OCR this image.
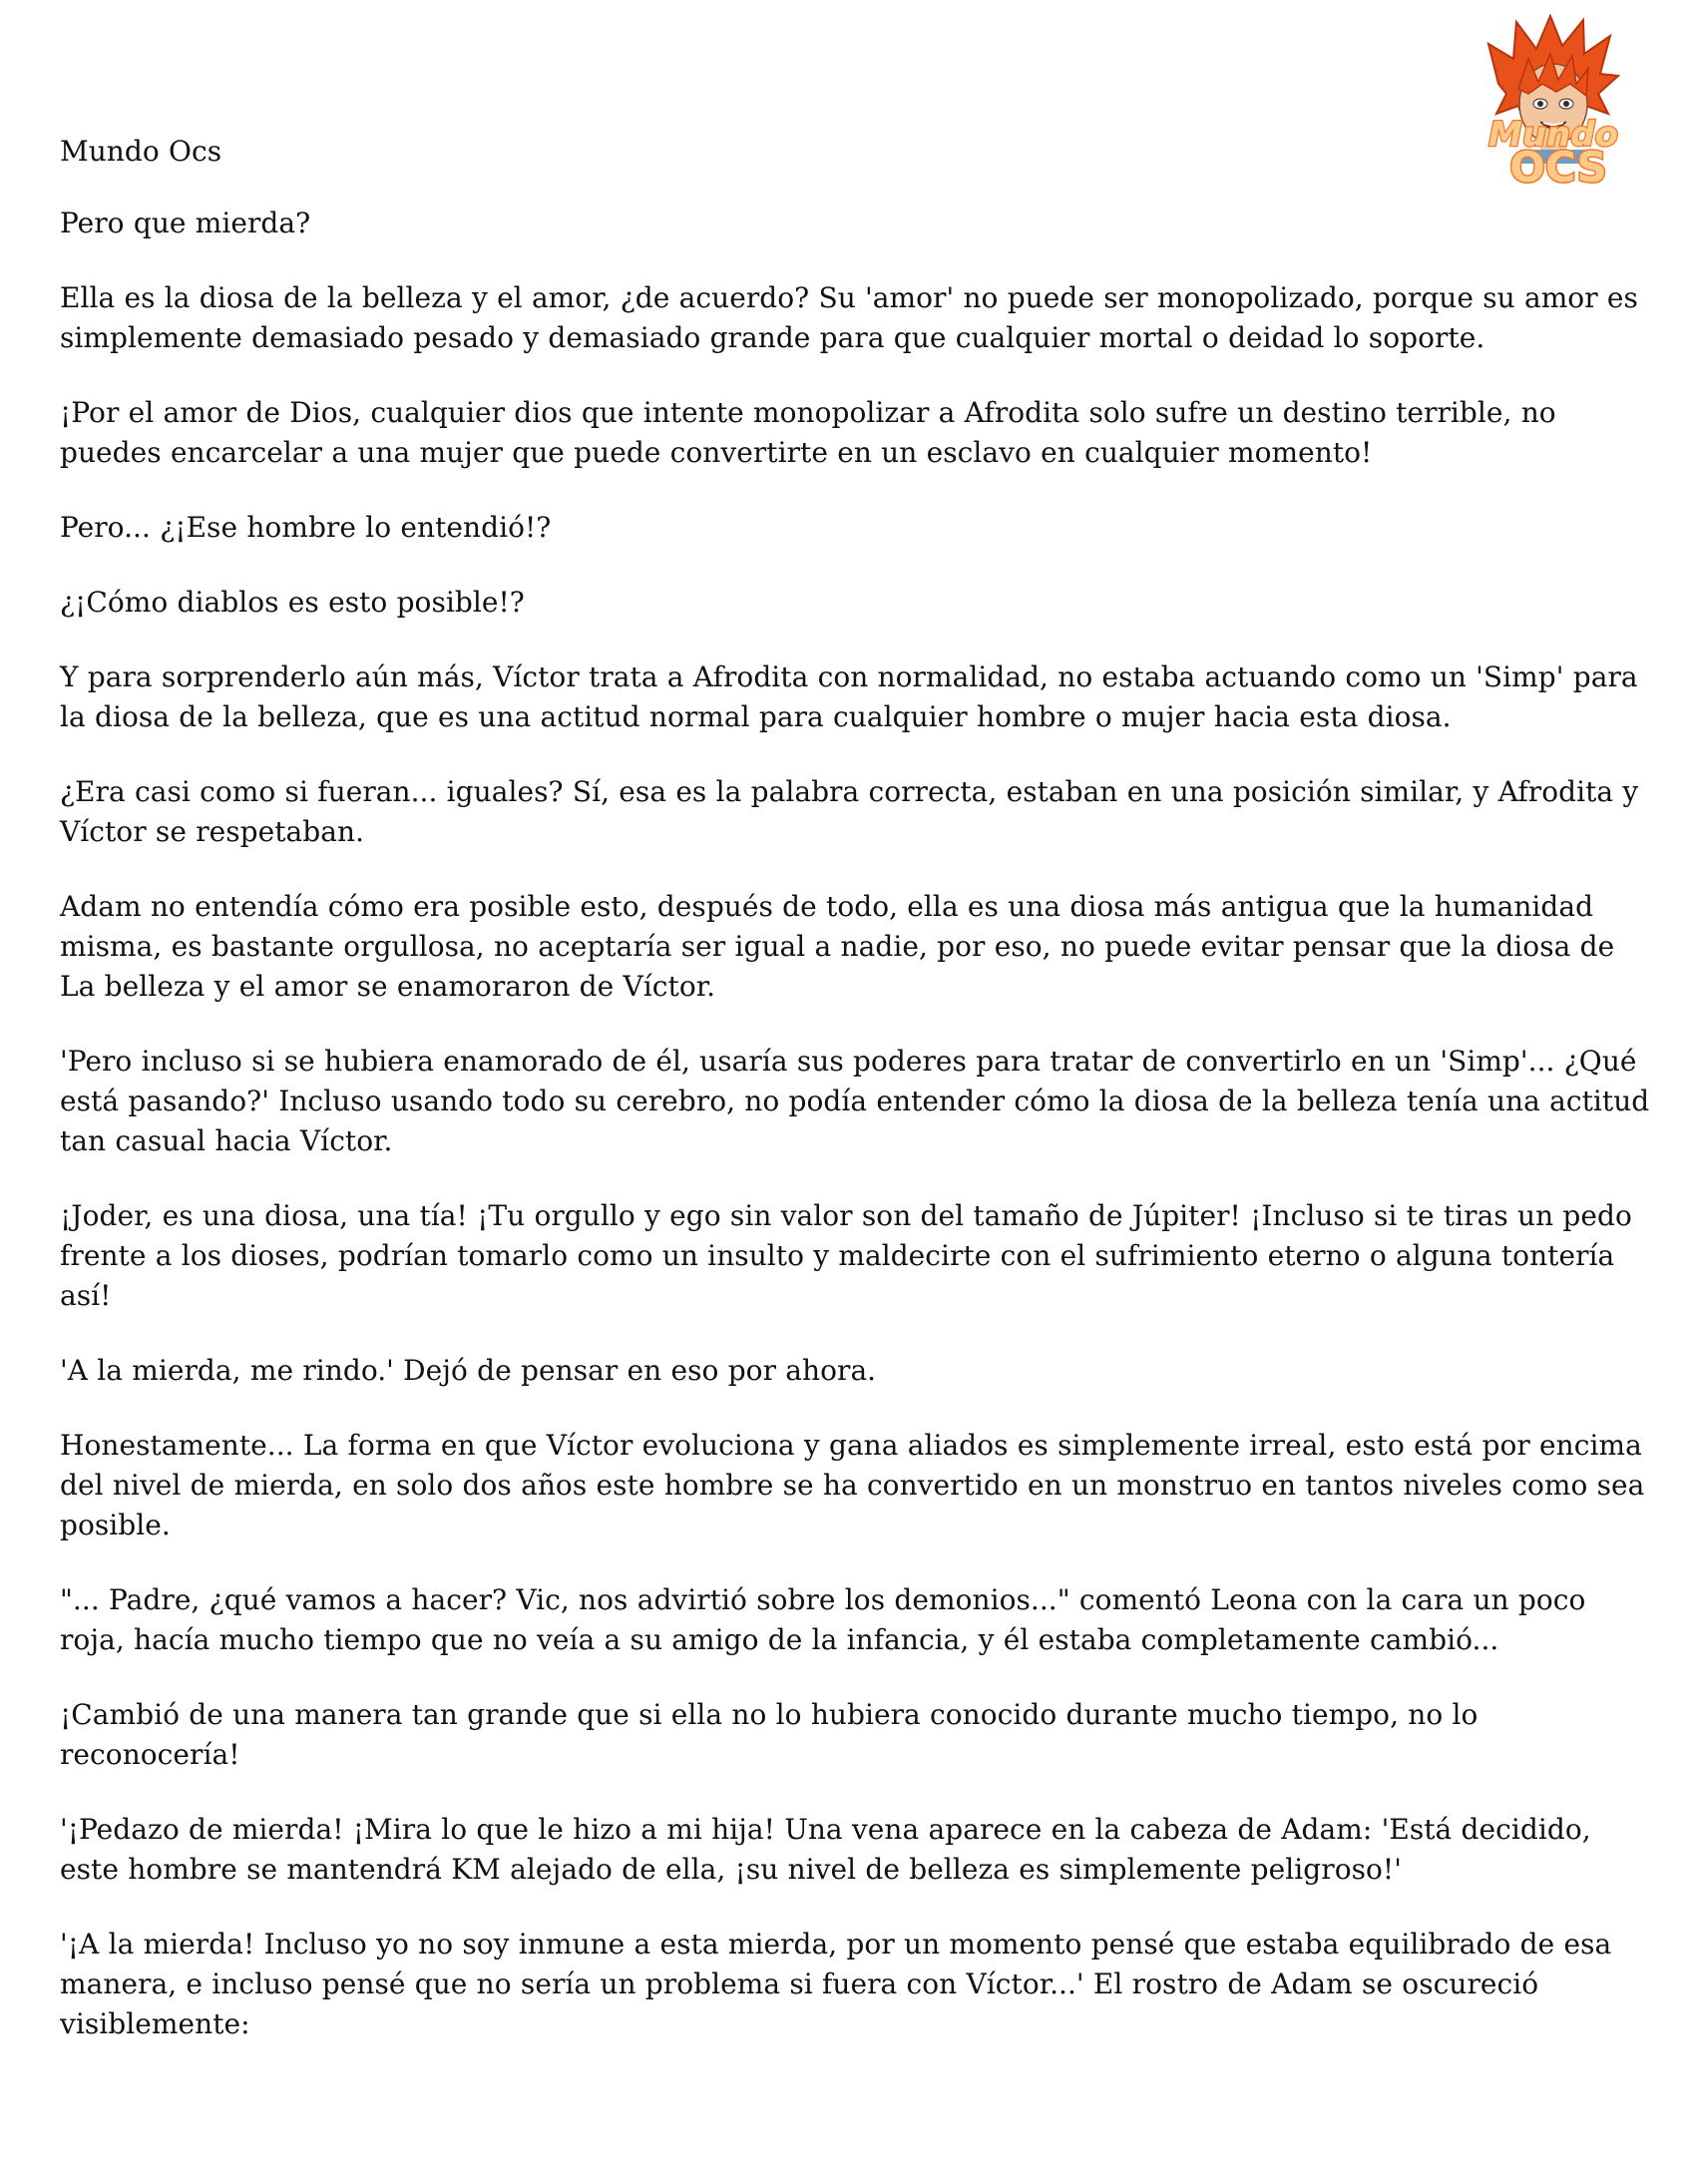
Mundo
OCS

Mundo Ocs

Pero que mierda?

Ella es la diosa de la belleza y el amor, ¿de acuerdo? Su 'amor' no puede ser monopolizado, porque su amor es simplemente demasiado pesado y demasiado grande para que cualquier mortal o deidad lo soporte.

¡Por el amor de Dios, cualquier dios que intente monopolizar a Afrodita solo sufre un destino terrible, no puedes encarcelar a una mujer que puede convertirte en un esclavo en cualquier momento!

Pero... ¿¡Ese hombre lo entendió!?

¿¡Cómo diablos es esto posible!?

Y para sorprenderlo aún más, Víctor trata a Afrodita con normalidad, no estaba actuando como un 'Simp' para la diosa de la belleza, que es una actitud normal para cualquier hombre o mujer hacia esta diosa.

¿Era casi como si fueran... iguales? Sí, esa es la palabra correcta, estaban en una posición similar, y Afrodita y Víctor se respetaban.

Adam no entendía cómo era posible esto, después de todo, ella es una diosa más antigua que la humanidad misma, es bastante orgullosa, no aceptaría ser igual a nadie, por eso, no puede evitar pensar que la diosa de La belleza y el amor se enamoraron de Víctor.

'Pero incluso si se hubiera enamorado de él, usaría sus poderes para tratar de convertirlo en un 'Simp'... ¿Qué está pasando?' Incluso usando todo su cerebro, no podía entender cómo la diosa de la belleza tenía una actitud tan casual hacia Víctor.

¡Joder, es una diosa, una tía! ¡Tu orgullo y ego sin valor son del tamaño de Júpiter! ¡Incluso si te tiras un pedo frente a los dioses, podrían tomarlo como un insulto y maldecirte con el sufrimiento eterno o alguna tontería así!

'A la mierda, me rindo.' Dejó de pensar en eso por ahora.

Honestamente... La forma en que Víctor evoluciona y gana aliados es simplemente irreal, esto está por encima del nivel de mierda, en solo dos años este hombre se ha convertido en un monstruo en tantos niveles como sea posible.

"... Padre, ¿qué vamos a hacer? Vic, nos advirtió sobre los demonios..." comentó Leona con la cara un poco roja, hacía mucho tiempo que no veía a su amigo de la infancia, y él estaba completamente cambió...

¡Cambió de una manera tan grande que si ella no lo hubiera conocido durante mucho tiempo, no lo reconocería!

'¡Pedazo de mierda! ¡Mira lo que le hizo a mi hija! Una vena aparece en la cabeza de Adam: 'Está decidido, este hombre se mantendrá KM alejado de ella, ¡su nivel de belleza es simplemente peligroso!'

'¡A la mierda! Incluso yo no soy inmune a esta mierda, por un momento pensé que estaba equilibrado de esa manera, e incluso pensé que no sería un problema si fuera con Víctor...' El rostro de Adam se oscureció visiblemente:
